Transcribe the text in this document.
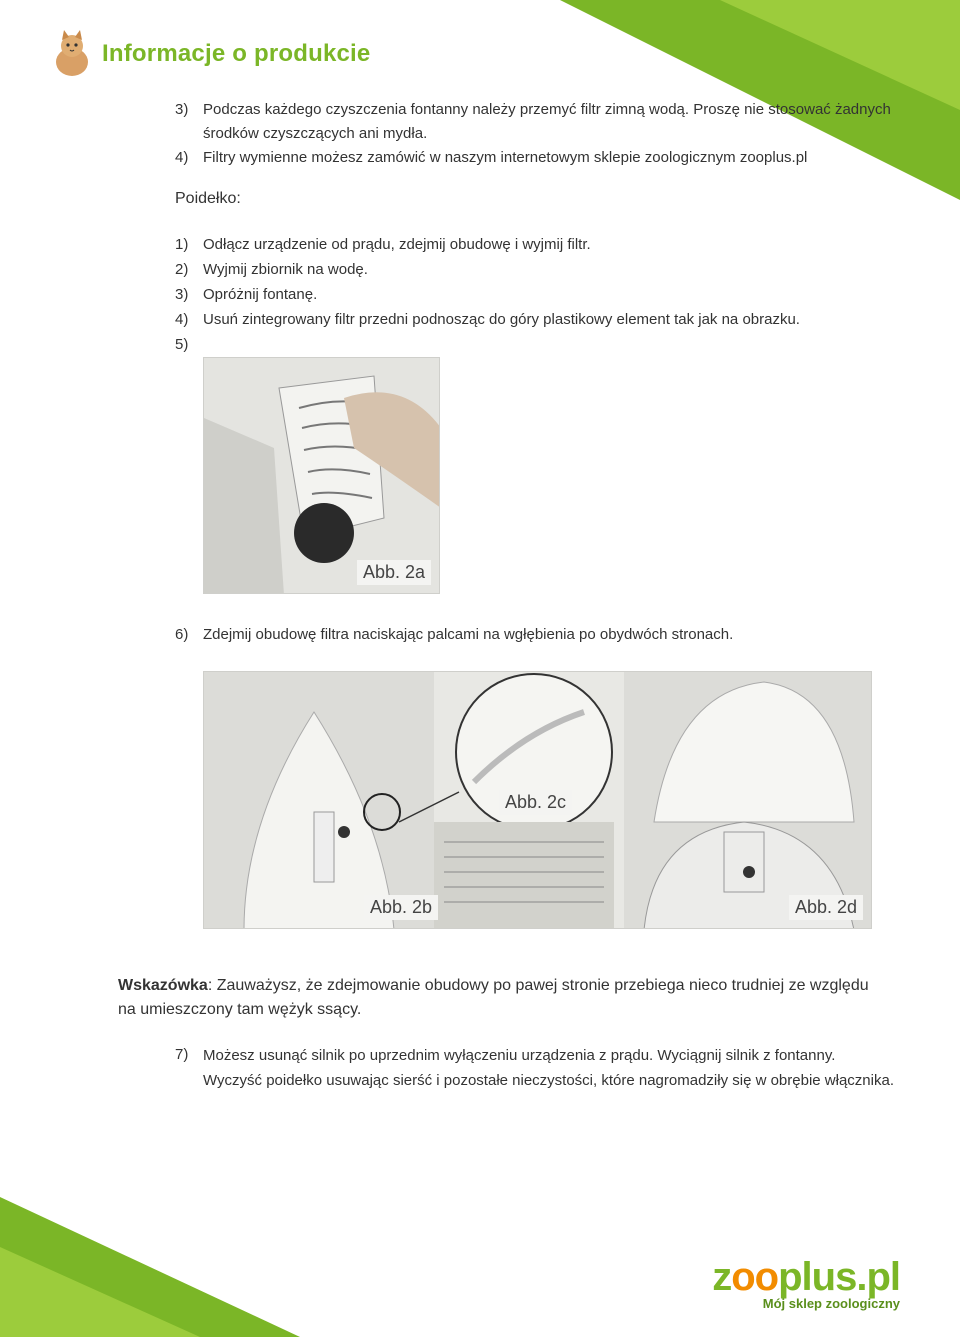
Informacje o produkcie
3) Podczas każdego czyszczenia fontanny należy przemyć filtr zimną wodą. Proszę nie stosować żadnych środków czyszczących ani mydła.
4) Filtry wymienne możesz zamówić w naszym internetowym sklepie zoologicznym zooplus.pl
Poidełko:
1) Odłącz urządzenie od prądu, zdejmij obudowę i wyjmij filtr.
2) Wyjmij zbiornik na wodę.
3) Opróżnij fontanę.
4) Usuń zintegrowany filtr przedni podnosząc do góry plastikowy element tak jak na obrazku.
5)
Abb. 2a
6) Zdejmij obudowę filtra naciskając palcami na wgłębienia po obydwóch stronach.
Abb. 2b
Abb. 2c
Abb. 2d
Wskazówka: Zauważysz, że zdejmowanie obudowy po pawej stronie przebiega nieco trudniej ze względu na umieszczony tam wężyk ssący.
7) Możesz usunąć silnik po uprzednim wyłączeniu urządzenia z prądu. Wyciągnij silnik z fontanny. Wyczyść poidełko usuwając sierść i pozostałe nieczystości, które nagromadziły się w obrębie włącznika.
zooplus.pl
Mój sklep zoologiczny
